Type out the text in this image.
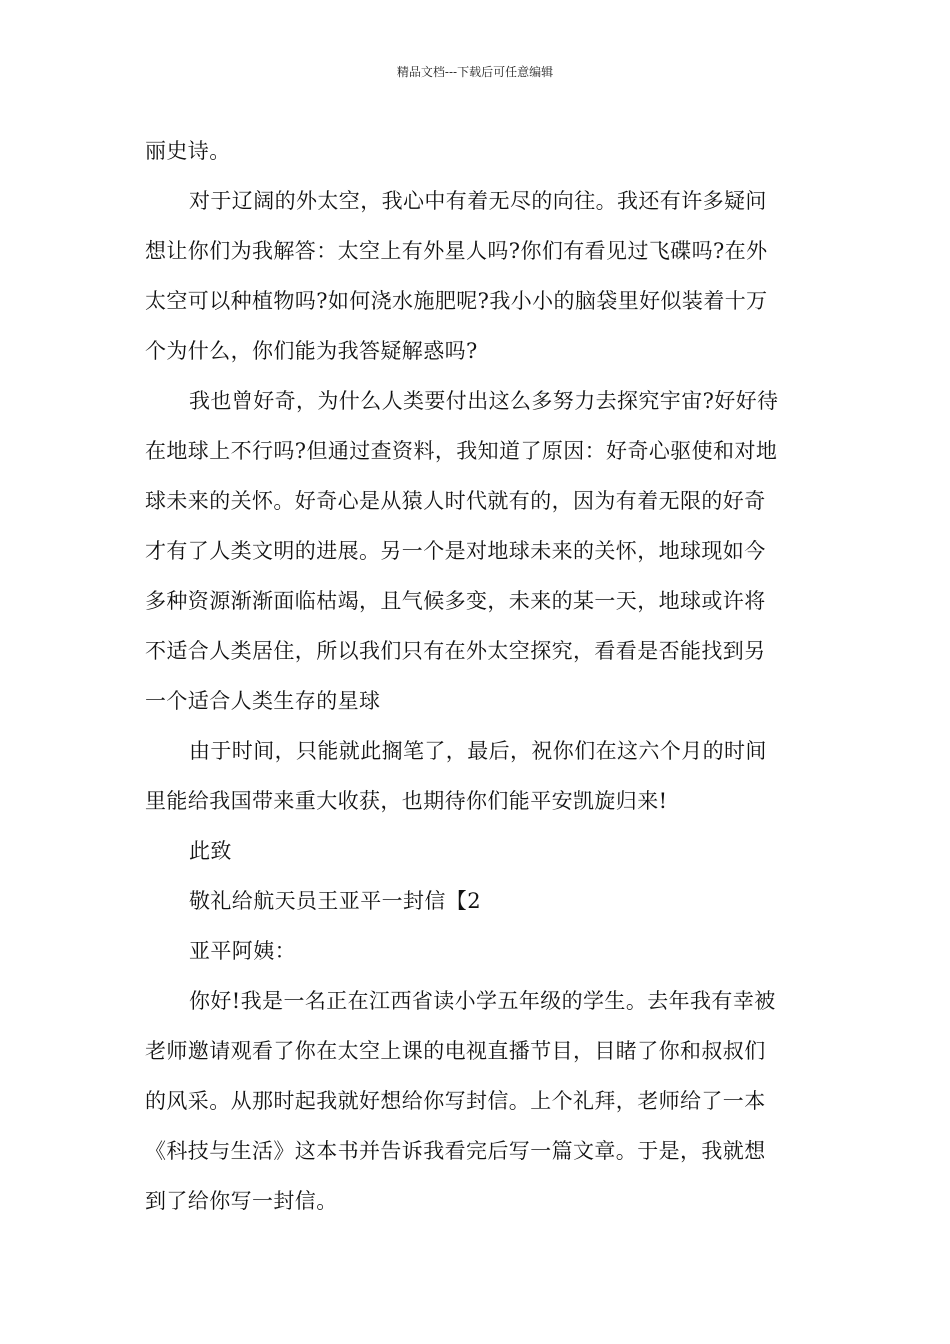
精品文档---下载后可任意编辑

丽史诗。

对于辽阔的外太空，我心中有着无尽的向往。我还有许多疑问
想让你们为我解答：太空上有外星人吗?你们有看见过飞碟吗?在外
太空可以种植物吗?如何浇水施肥呢?我小小的脑袋里好似装着十万
个为什么，你们能为我答疑解惑吗?

我也曾好奇，为什么人类要付出这么多努力去探究宇宙?好好待
在地球上不行吗?但通过查资料，我知道了原因：好奇心驱使和对地
球未来的关怀。好奇心是从猿人时代就有的，因为有着无限的好奇
才有了人类文明的进展。另一个是对地球未来的关怀，地球现如今
多种资源渐渐面临枯竭，且气候多变，未来的某一天，地球或许将
不适合人类居住，所以我们只有在外太空探究，看看是否能找到另
一个适合人类生存的星球

由于时间，只能就此搁笔了，最后，祝你们在这六个月的时间
里能给我国带来重大收获，也期待你们能平安凯旋归来!

此致

敬礼给航天员王亚平一封信【2

亚平阿姨：

你好!我是一名正在江西省读小学五年级的学生。去年我有幸被
老师邀请观看了你在太空上课的电视直播节目，目睹了你和叔叔们
的风采。从那时起我就好想给你写封信。上个礼拜，老师给了一本
《科技与生活》这本书并告诉我看完后写一篇文章。于是，我就想
到了给你写一封信。
